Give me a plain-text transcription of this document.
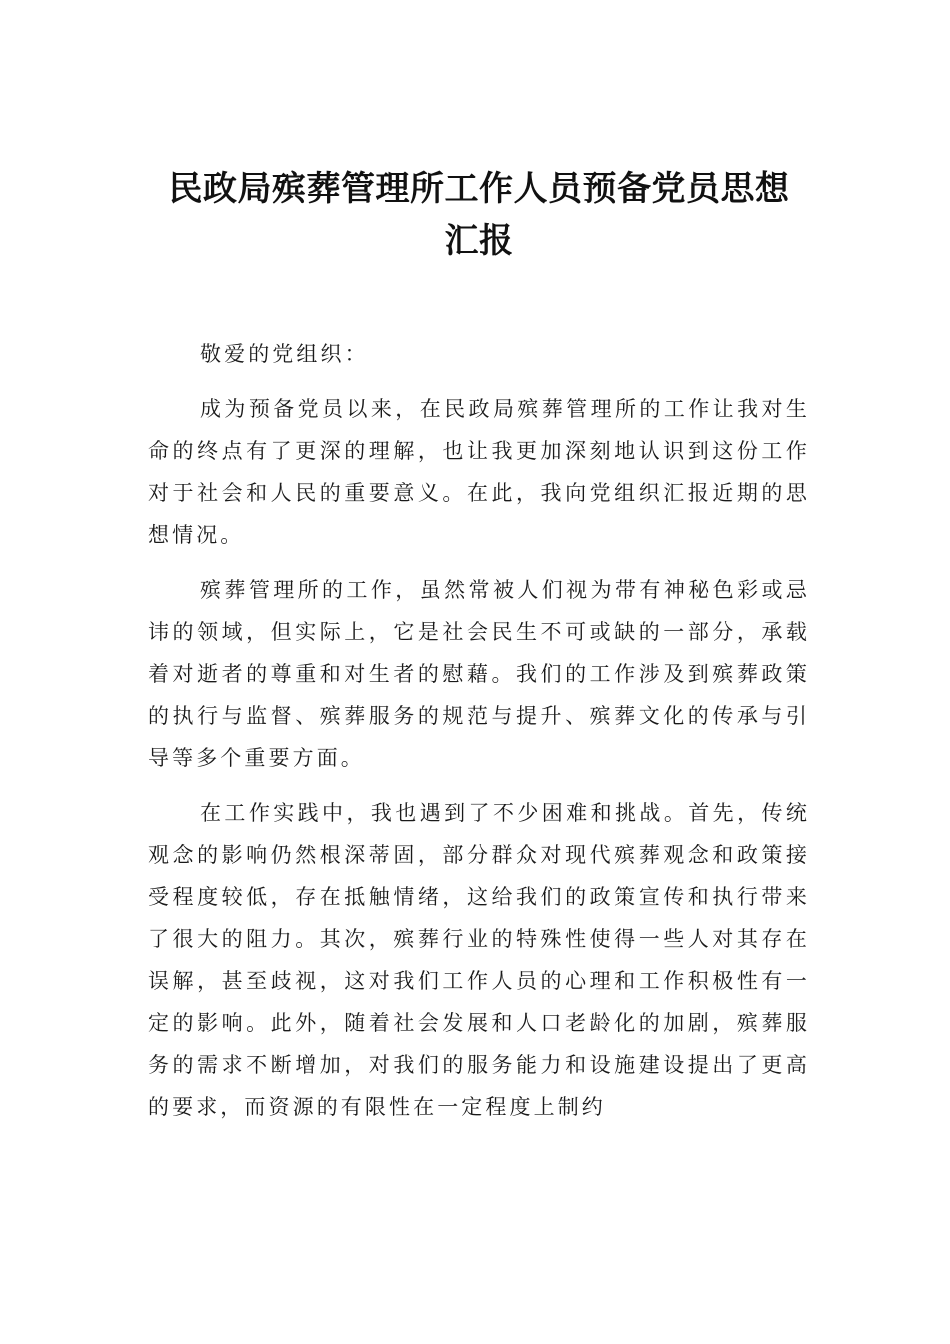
民政局殡葬管理所工作人员预备党员思想
汇报

敬爱的党组织：

成为预备党员以来，在民政局殡葬管理所的工作让我对生命的终点有了更深的理解，也让我更加深刻地认识到这份工作对于社会和人民的重要意义。在此，我向党组织汇报近期的思想情况。

殡葬管理所的工作，虽然常被人们视为带有神秘色彩或忌讳的领域，但实际上，它是社会民生不可或缺的一部分，承载着对逝者的尊重和对生者的慰藉。我们的工作涉及到殡葬政策的执行与监督、殡葬服务的规范与提升、殡葬文化的传承与引导等多个重要方面。

在工作实践中，我也遇到了不少困难和挑战。首先，传统观念的影响仍然根深蒂固，部分群众对现代殡葬观念和政策接受程度较低，存在抵触情绪，这给我们的政策宣传和执行带来了很大的阻力。其次，殡葬行业的特殊性使得一些人对其存在误解，甚至歧视，这对我们工作人员的心理和工作积极性有一定的影响。此外，随着社会发展和人口老龄化的加剧，殡葬服务的需求不断增加，对我们的服务能力和设施建设提出了更高的要求，而资源的有限性在一定程度上制约
